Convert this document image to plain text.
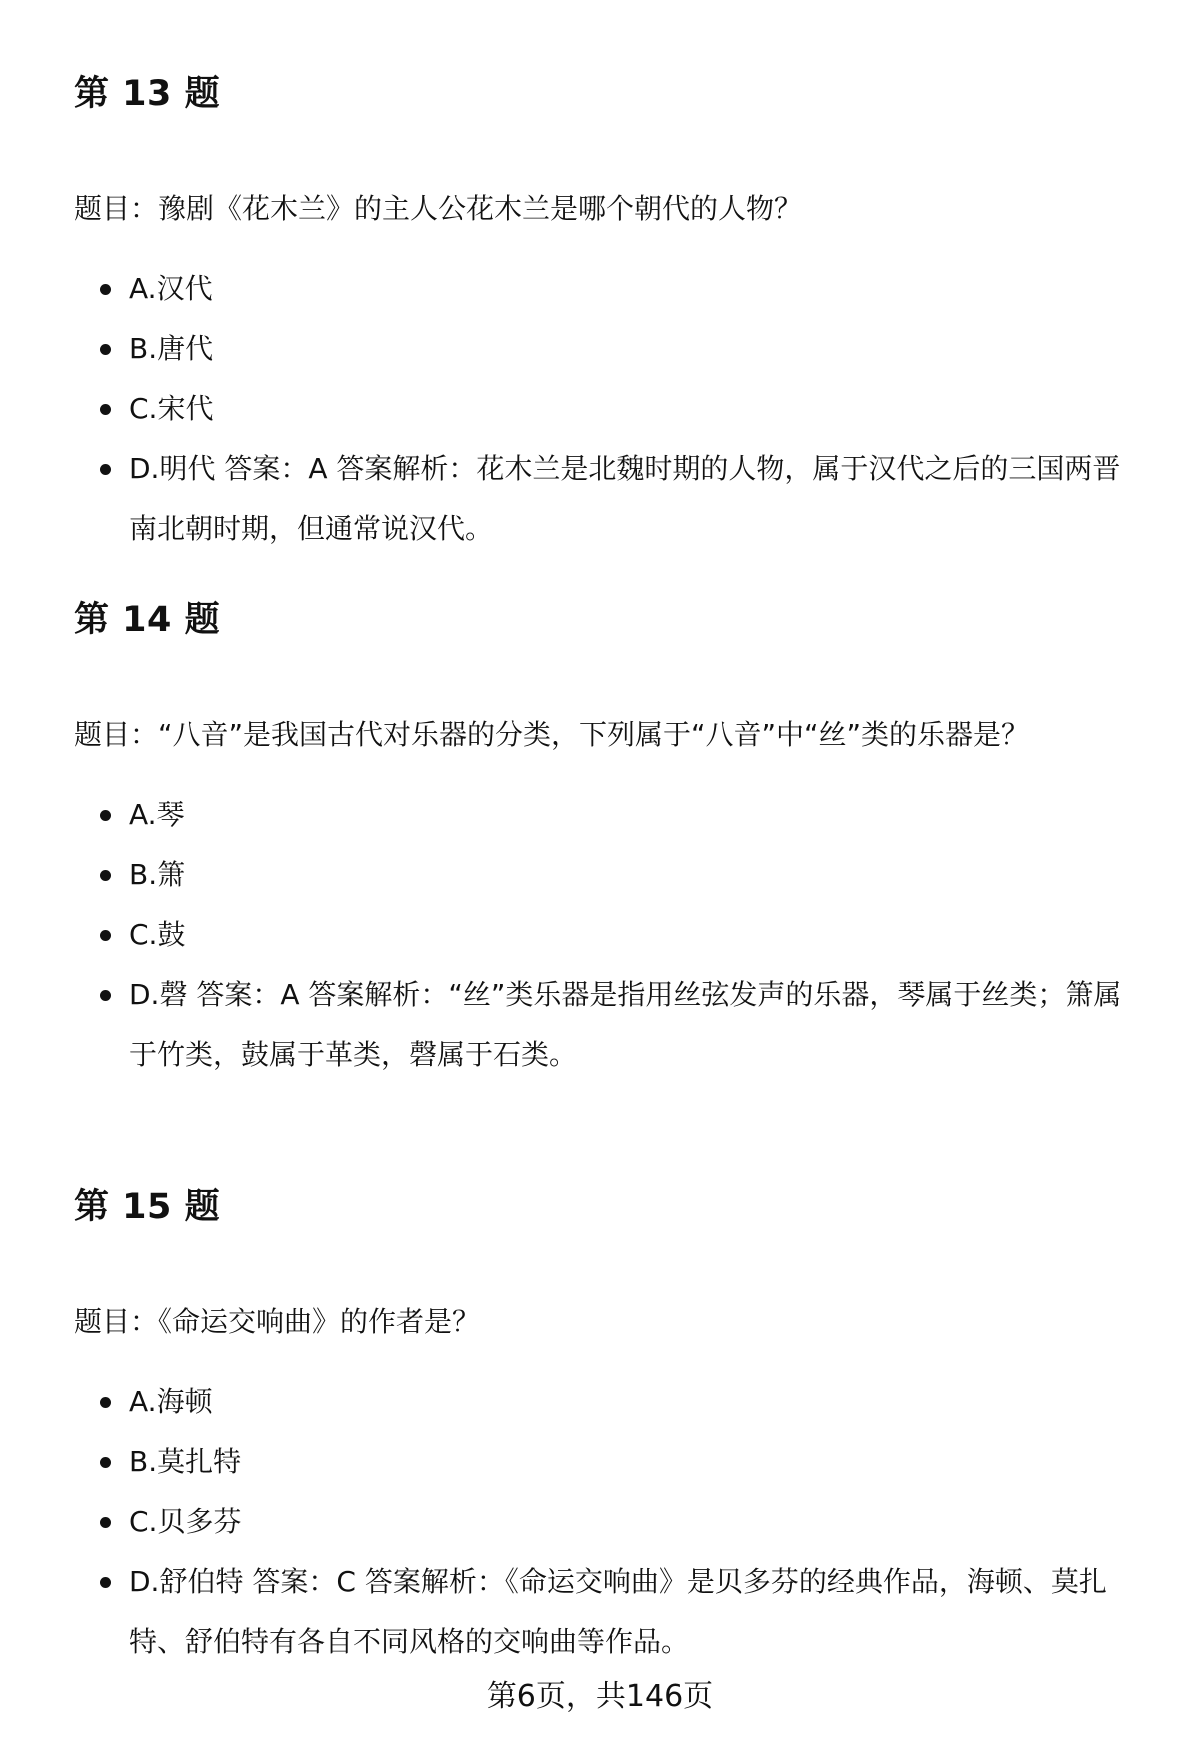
第 13 题

题目：豫剧《花木兰》的主人公花木兰是哪个朝代的人物？

A.汉代
B.唐代
C.宋代
D.明代 答案：A 答案解析：花木兰是北魏时期的人物，属于汉代之后的三国两晋南北朝时期，但通常说汉代。
第 14 题

题目：“八音”是我国古代对乐器的分类，下列属于“八音”中“丝”类的乐器是？

A.琴
B.箫
C.鼓
D.磬 答案：A 答案解析：“丝”类乐器是指用丝弦发声的乐器，琴属于丝类；箫属于竹类，鼓属于革类，磬属于石类。
第 15 题

题目：《命运交响曲》的作者是？

A.海顿
B.莫扎特
C.贝多芬
D.舒伯特 答案：C 答案解析：《命运交响曲》是贝多芬的经典作品，海顿、莫扎特、舒伯特有各自不同风格的交响曲等作品。
第6页，共146页
